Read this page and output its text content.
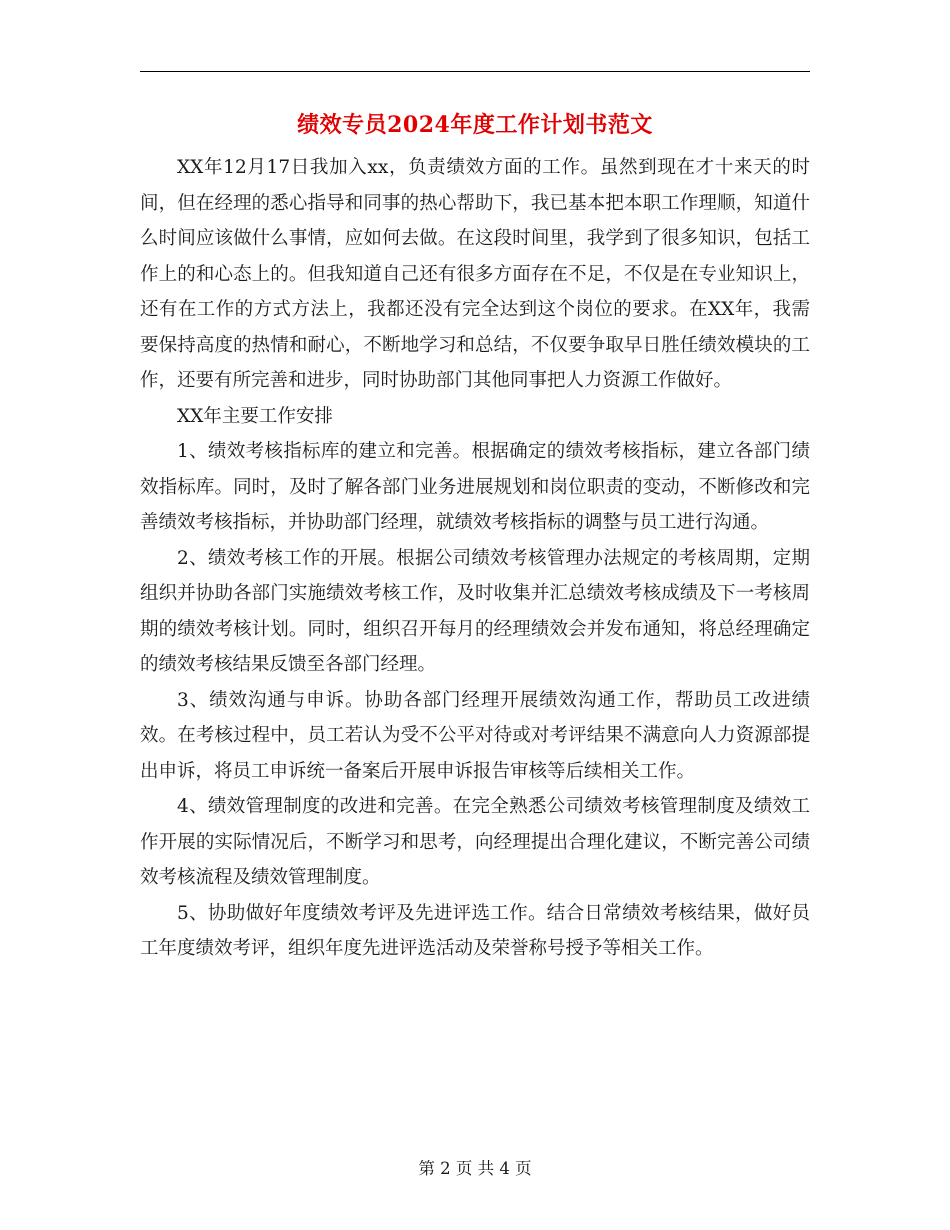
绩效专员2024年度工作计划书范文

XX年12月17日我加入xx，负责绩效方面的工作。虽然到现在才十来天的时间，但在经理的悉心指导和同事的热心帮助下，我已基本把本职工作理顺，知道什么时间应该做什么事情，应如何去做。在这段时间里，我学到了很多知识，包括工作上的和心态上的。但我知道自己还有很多方面存在不足，不仅是在专业知识上，还有在工作的方式方法上，我都还没有完全达到这个岗位的要求。在XX年，我需要保持高度的热情和耐心，不断地学习和总结，不仅要争取早日胜任绩效模块的工作，还要有所完善和进步，同时协助部门其他同事把人力资源工作做好。

XX年主要工作安排

1、绩效考核指标库的建立和完善。根据确定的绩效考核指标，建立各部门绩效指标库。同时，及时了解各部门业务进展规划和岗位职责的变动，不断修改和完善绩效考核指标，并协助部门经理，就绩效考核指标的调整与员工进行沟通。

2、绩效考核工作的开展。根据公司绩效考核管理办法规定的考核周期，定期组织并协助各部门实施绩效考核工作，及时收集并汇总绩效考核成绩及下一考核周期的绩效考核计划。同时，组织召开每月的经理绩效会并发布通知，将总经理确定的绩效考核结果反馈至各部门经理。

3、绩效沟通与申诉。协助各部门经理开展绩效沟通工作，帮助员工改进绩效。在考核过程中，员工若认为受不公平对待或对考评结果不满意向人力资源部提出申诉，将员工申诉统一备案后开展申诉报告审核等后续相关工作。

4、绩效管理制度的改进和完善。在完全熟悉公司绩效考核管理制度及绩效工作开展的实际情况后，不断学习和思考，向经理提出合理化建议，不断完善公司绩效考核流程及绩效管理制度。

5、协助做好年度绩效考评及先进评选工作。结合日常绩效考核结果，做好员工年度绩效考评，组织年度先进评选活动及荣誉称号授予等相关工作。

第 2 页 共 4 页
